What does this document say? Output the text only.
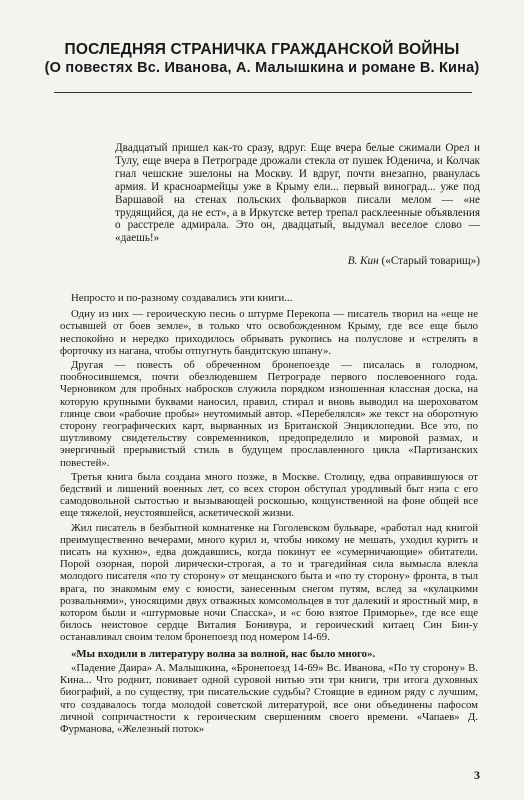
ПОСЛЕДНЯЯ СТРАНИЧКА ГРАЖДАНСКОЙ ВОЙНЫ
(О повестях Вс. Иванова, А. Малышкина и романе В. Кина)
Двадцатый пришел как-то сразу, вдруг. Еще вчера белые сжимали Орел и Тулу, еще вчера в Петрограде дрожали стекла от пушек Юденича, и Колчак гнал чешские эшелоны на Москву. И вдруг, почти внезапно, рванулась армия. И красноармейцы уже в Крыму ели... первый виноград... уже под Варшавой на стенах польских фольварков писали мелом — «не трудящийся, да не ест», а в Иркутске ветер трепал расклеенные объявления о расстреле адмирала. Это он, двадцатый, выдумал веселое слово — «даешь!»
В. Кин («Старый товарищ»)

Непросто и по-разному создавались эти книги...

Одну из них — героическую песнь о штурме Перекопа — писатель творил на «еще не остывшей от боев земле», в только что освобожденном Крыму, где все еще было неспокойно и нередко приходилось обрывать рукопись на полуслове и «стрелять в форточку из нагана, чтобы отпугнуть бандитскую шпану».

Другая — повесть об обреченном бронепоезде — писалась в голодном, пообносившемся, почти обезлюдевшем Петрограде первого послевоенного года. Черновиком для пробных набросков служила порядком изношенная классная доска, на которую крупными буквами наносил, правил, стирал и вновь выводил на шероховатом глянце свои «рабочие пробы» неутомимый автор. «Перебелялся» же текст на оборотную сторону географических карт, вырванных из Британской Энциклопедии. Все это, по шутливому свидетельству современников, предопределило и мировой размах, и энергичный прерывистый стиль в будущем прославленного цикла «Партизанских повестей».

Третья книга была создана много позже, в Москве. Столицу, едва оправившуюся от бедствий и лишений военных лет, со всех сторон обступал уродливый быт нэпа с его самодовольной сытостью и вызывающей роскошью, кощунственной на фоне общей все еще тяжелой, неустоявшейся, аскетической жизни.

Жил писатель в безбытной комнатенке на Гоголевском бульваре, «работал над книгой преимущественно вечерами, много курил и, чтобы никому не мешать, уходил курить и писать на кухню», едва дождавшись, когда покинут ее «сумерничающие» обитатели. Порой озорная, порой лирически-строгая, а то и трагедийная сила вымысла влекла молодого писателя «по ту сторону» от мещанского быта и «по ту сторону» фронта, в тыл врага, по знакомым ему с юности, занесенным снегом путям, вслед за «кулацкими розвальнями», уносящими двух отважных комсомольцев в тот далекий и яростный мир, в котором были и «штурмовые ночи Спасска», и «с бою взятое Приморье», где все еще билось неистовое сердце Виталия Бонивура, и героический китаец Син Бин-у останавливал своим телом бронепоезд под номером 14-69.

«Мы входили в литературу волна за волной, нас было много».

«Падение Даира» А. Малышкина, «Бронепоезд 14-69» Вс. Иванова, «По ту сторону» В. Кина... Что роднит, повивает одной суровой нитью эти три книги, три итога духовных биографий, а по существу, три писательские судьбы? Стоящие в едином ряду с лучшим, что создавалось тогда молодой советской литературой, все они объединены пафосом личной сопричастности к героическим свершениям своего времени. «Чапаев» Д. Фурманова, «Железный поток»

3
